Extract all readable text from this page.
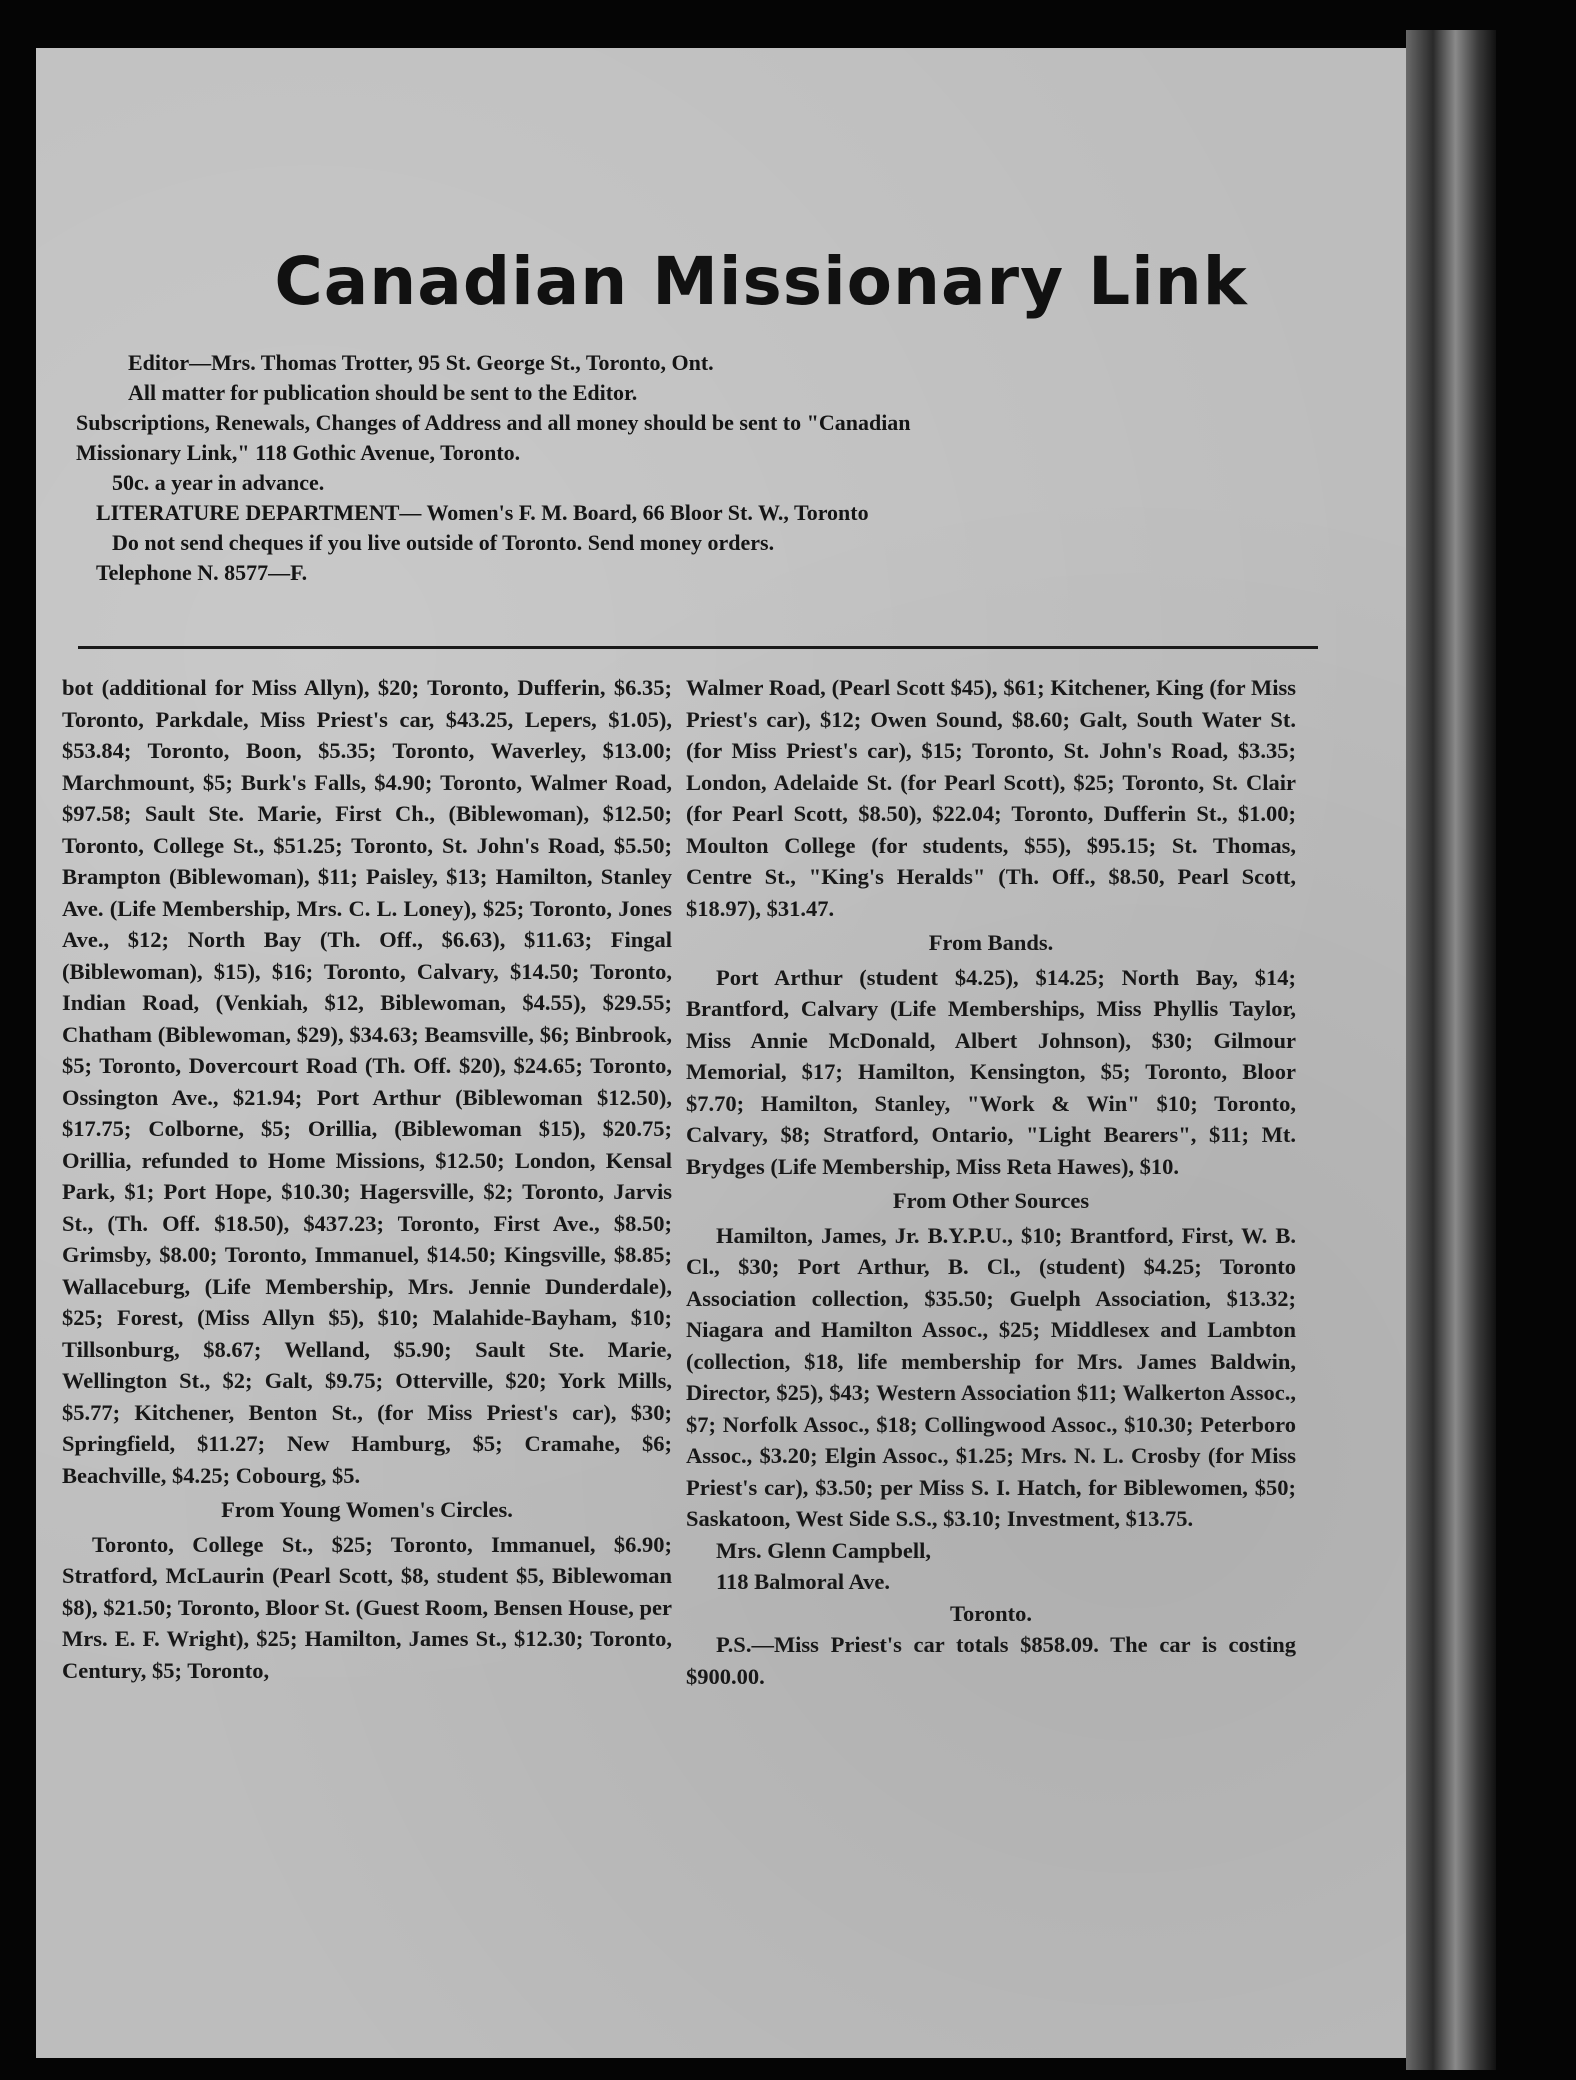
Canadian Missionary Link
Editor—Mrs. Thomas Trotter, 95 St. George St., Toronto, Ont.
All matter for publication should be sent to the Editor.
Subscriptions, Renewals, Changes of Address and all money should be sent to "Canadian
Missionary Link," 118 Gothic Avenue, Toronto.
50c. a year in advance.
LITERATURE DEPARTMENT— Women's F. M. Board, 66 Bloor St. W., Toronto
Do not send cheques if you live outside of Toronto. Send money orders.
Telephone N. 8577—F.

bot (additional for Miss Allyn), $20; Toronto, Dufferin, $6.35; Toronto, Parkdale, Miss Priest's car, $43.25, Lepers, $1.05), $53.84; Toronto, Boon, $5.35; Toronto, Waverley, $13.00; Marchmount, $5; Burk's Falls, $4.90; Toronto, Walmer Road, $97.58; Sault Ste. Marie, First Ch., (Biblewoman), $12.50; Toronto, College St., $51.25; Toronto, St. John's Road, $5.50; Brampton (Biblewoman), $11; Paisley, $13; Hamilton, Stanley Ave. (Life Membership, Mrs. C. L. Loney), $25; Toronto, Jones Ave., $12; North Bay (Th. Off., $6.63), $11.63; Fingal (Biblewoman), $15), $16; Toronto, Calvary, $14.50; Toronto, Indian Road, (Venkiah, $12, Biblewoman, $4.55), $29.55; Chatham (Biblewoman, $29), $34.63; Beamsville, $6; Binbrook, $5; Toronto, Dovercourt Road (Th. Off. $20), $24.65; Toronto, Ossington Ave., $21.94; Port Arthur (Biblewoman $12.50), $17.75; Colborne, $5; Orillia, (Biblewoman $15), $20.75; Orillia, refunded to Home Missions, $12.50; London, Kensal Park, $1; Port Hope, $10.30; Hagersville, $2; Toronto, Jarvis St., (Th. Off. $18.50), $437.23; Toronto, First Ave., $8.50; Grimsby, $8.00; Toronto, Immanuel, $14.50; Kingsville, $8.85; Wallaceburg, (Life Membership, Mrs. Jennie Dunderdale), $25; Forest, (Miss Allyn $5), $10; Malahide-Bayham, $10; Tillsonburg, $8.67; Welland, $5.90; Sault Ste. Marie, Wellington St., $2; Galt, $9.75; Otterville, $20; York Mills, $5.77; Kitchener, Benton St., (for Miss Priest's car), $30; Springfield, $11.27; New Hamburg, $5; Cramahe, $6; Beachville, $4.25; Cobourg, $5.

From Young Women's Circles.

Toronto, College St., $25; Toronto, Immanuel, $6.90; Stratford, McLaurin (Pearl Scott, $8, student $5, Biblewoman $8), $21.50; Toronto, Bloor St. (Guest Room, Bensen House, per Mrs. E. F. Wright), $25; Hamilton, James St., $12.30; Toronto, Century, $5; Toronto,

Walmer Road, (Pearl Scott $45), $61; Kitchener, King (for Miss Priest's car), $12; Owen Sound, $8.60; Galt, South Water St. (for Miss Priest's car), $15; Toronto, St. John's Road, $3.35; London, Adelaide St. (for Pearl Scott), $25; Toronto, St. Clair (for Pearl Scott, $8.50), $22.04; Toronto, Dufferin St., $1.00; Moulton College (for students, $55), $95.15; St. Thomas, Centre St., "King's Heralds" (Th. Off., $8.50, Pearl Scott, $18.97), $31.47.

From Bands.

Port Arthur (student $4.25), $14.25; North Bay, $14; Brantford, Calvary (Life Memberships, Miss Phyllis Taylor, Miss Annie McDonald, Albert Johnson), $30; Gilmour Memorial, $17; Hamilton, Kensington, $5; Toronto, Bloor $7.70; Hamilton, Stanley, "Work & Win" $10; Toronto, Calvary, $8; Stratford, Ontario, "Light Bearers", $11; Mt. Brydges (Life Membership, Miss Reta Hawes), $10.

From Other Sources

Hamilton, James, Jr. B.Y.P.U., $10; Brantford, First, W. B. Cl., $30; Port Arthur, B. Cl., (student) $4.25; Toronto Association collection, $35.50; Guelph Association, $13.32; Niagara and Hamilton Assoc., $25; Middlesex and Lambton (collection, $18, life membership for Mrs. James Baldwin, Director, $25), $43; Western Association $11; Walkerton Assoc., $7; Norfolk Assoc., $18; Collingwood Assoc., $10.30; Peterboro Assoc., $3.20; Elgin Assoc., $1.25; Mrs. N. L. Crosby (for Miss Priest's car), $3.50; per Miss S. I. Hatch, for Biblewomen, $50; Saskatoon, West Side S.S., $3.10; Investment, $13.75.

Mrs. Glenn Campbell,

118 Balmoral Ave.

Toronto.

P.S.—Miss Priest's car totals $858.09. The car is costing $900.00.
